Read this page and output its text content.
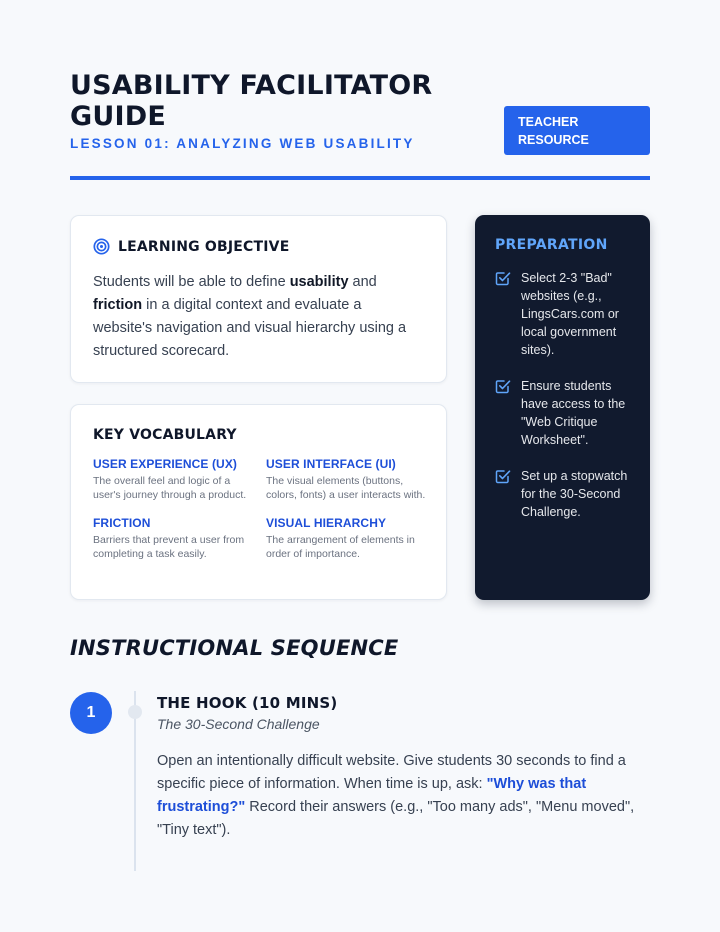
USABILITY FACILITATOR GUIDE
LESSON 01: ANALYZING WEB USABILITY
TEACHER RESOURCE
LEARNING OBJECTIVE

Students will be able to define usability and friction in a digital context and evaluate a website's navigation and visual hierarchy using a structured scorecard.

KEY VOCABULARY
USER EXPERIENCE (UX)
The overall feel and logic of a user's journey through a product.
USER INTERFACE (UI)
The visual elements (buttons, colors, fonts) a user interacts with.
FRICTION
Barriers that prevent a user from completing a task easily.
VISUAL HIERARCHY
The arrangement of elements in order of importance.
PREPARATION
Select 2-3 "Bad" websites (e.g., LingsCars.com or local government sites).
Ensure students have access to the "Web Critique Worksheet".
Set up a stopwatch for the 30-Second Challenge.
INSTRUCTIONAL SEQUENCE
1
THE HOOK (10 MINS)
The 30-Second Challenge

Open an intentionally difficult website. Give students 30 seconds to find a specific piece of information. When time is up, ask: "Why was that frustrating?" Record their answers (e.g., "Too many ads", "Menu moved", "Tiny text").
